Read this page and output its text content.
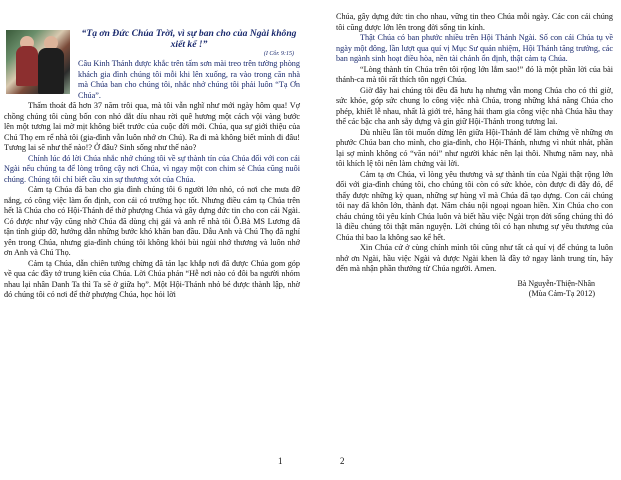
“Tạ ơn Đức Chúa Trời, vì sự ban cho của Ngài không xiết kể !”
(I Côr. 9:15)

Câu Kinh Thánh được khắc trên tấm sơn mài treo trên tường phòng khách gia đình chúng tôi mỗi khi lên xuống, ra vào trong căn nhà mà Chúa ban cho chúng tôi, nhắc nhở chúng tôi phải luôn “Tạ Ơn Chúa”.

Thấm thoát đã hơn 37 năm trôi qua, mà tôi vẫn nghĩ như mới ngày hôm qua! Vợ chồng chúng tôi cùng bốn con nhỏ dắt díu nhau rời quê hương một cách vội vàng bước lên một tương lai mờ mịt không biết trước của cuộc đời mới. Chúa, qua sự giới thiệu của Chú Thọ em rể nhà tôi (gia-đình vẫn luôn nhớ ơn Chú). Ra đi mà không biết mình đi đâu! Tương lai sẽ như thế nào!? Ở đâu? Sinh sống như thế nào?

Chính lúc đó lời Chúa nhắc nhở chúng tôi về sự thành tín của Chúa đối với con cái Ngài nếu chúng ta để lòng trông cậy nơi Chúa, vì ngay một con chim sẻ Chúa cũng nuôi chúng. Chúng tôi chỉ biết cầu xin sự thương xót của Chúa.

Cảm tạ Chúa đã ban cho gia đình chúng tôi 6 người lớn nhỏ, có nơi che mưa đỡ nắng, có công việc làm ổn định, con cái có trường học tốt. Nhưng điều cảm tạ Chúa trên hết là Chúa cho có Hội-Thánh để thờ phượng Chúa và gây dựng đức tin cho con cái Ngài. Có được như vậy cũng nhờ Chúa đã dùng chị gái và anh rể nhà tôi Ô.Bà MS Lương đã tận tình giúp đỡ, hướng dẫn những bước khó khăn ban đầu. Dẫu Anh và Chú Thọ đã nghỉ yên trong Chúa, nhưng gia-đình chúng tôi không khỏi bùi ngùi nhớ thương và luôn nhớ ơn Anh và Chú Thọ.

Cảm tạ Chúa, dẫn chiên tưởng chừng đã tản lạc khắp nơi đã được Chúa gom góp về qua các đầy tớ trung kiên của Chúa. Lời Chúa phán “Hễ nơi nào có đôi ba người nhóm nhau lại nhân Danh Ta thì Ta sẽ ở giữa họ”. Một Hội-Thánh nhỏ bé được thành lập, nhờ đó chúng tôi có nơi để thờ phượng Chúa, học hỏi lời

1

Chúa, gây dựng đức tin cho nhau, vững tin theo Chúa mỗi ngày. Các con cái chúng tôi cũng được lớn lên trong đời sống tin kính.

Thật Chúa có ban phước nhiều trên Hội Thánh Ngài. Số con cái Chúa tụ về ngày một đông, lần lượt qua quí vị Mục Sư quản nhiệm, Hội Thánh tăng trưởng, các ban ngành sinh hoạt điều hòa, nền tài chánh ổn định, thật cảm tạ Chúa.

“Lòng thành tín Chúa trên tôi rộng lớn lắm sao!” đó là một phần lời của bài thánh-ca mà tôi rất thích tôn ngợi Chúa.

Giờ đây hai chúng tôi đều đã hưu hạ nhưng vẫn mong Chúa cho có thì giờ, sức khỏe, góp sức chung lo công việc nhà Chúa, trong những khả năng Chúa cho phép, khiết lễ nhau, nhất là giới trẻ, hăng hái tham gia công việc nhà Chúa hầu thay thế các bậc cha anh sẵy dựng và gìn giữ Hội-Thánh trong tương lai.

Dù nhiều lần tôi muốn dừng lên giữa Hội-Thánh để làm chứng về những ơn phước Chúa ban cho mình, cho gia-đình, cho Hội-Thánh, nhưng vì nhút nhát, phần lại sợ mình không có “văn nói” như người khác nên lại thôi. Nhưng năm nay, nhà tôi khích lệ tôi nên làm chứng vài lời.

Cảm tạ ơn Chúa, vì lòng yêu thương và sự thành tín của Ngài thật rộng lớn đối với gia-đình chúng tôi, cho chúng tôi còn có sức khỏe, còn được đi đây đó, để thấy được những kỳ quan, những sự hùng vĩ mà Chúa đã tạo dựng. Con cái chúng tôi nay đã khôn lớn, thành đạt. Năm cháu nội ngoại ngoan hiền. Xin Chúa cho con cháu chúng tôi yêu kính Chúa luôn và biết hầu việc Ngài trọn đời sống chúng thì đó là điều chúng tôi thật mãn nguyện. Lời chúng tôi có hạn nhưng sự yêu thương của Chúa thì bao la không sao kể hết.

Xin Chúa cứ ở cùng chính mình tôi cũng như tất cả quí vị để chúng ta luôn nhớ ơn Ngài, hầu việc Ngài và được Ngài khen là đầy tớ ngay lành trung tín, hãy đến mà nhận phần thưởng từ Chúa người. Amen.

Bà Nguyễn-Thiện-Nhân
(Mùa Cảm-Tạ 2012)
2
